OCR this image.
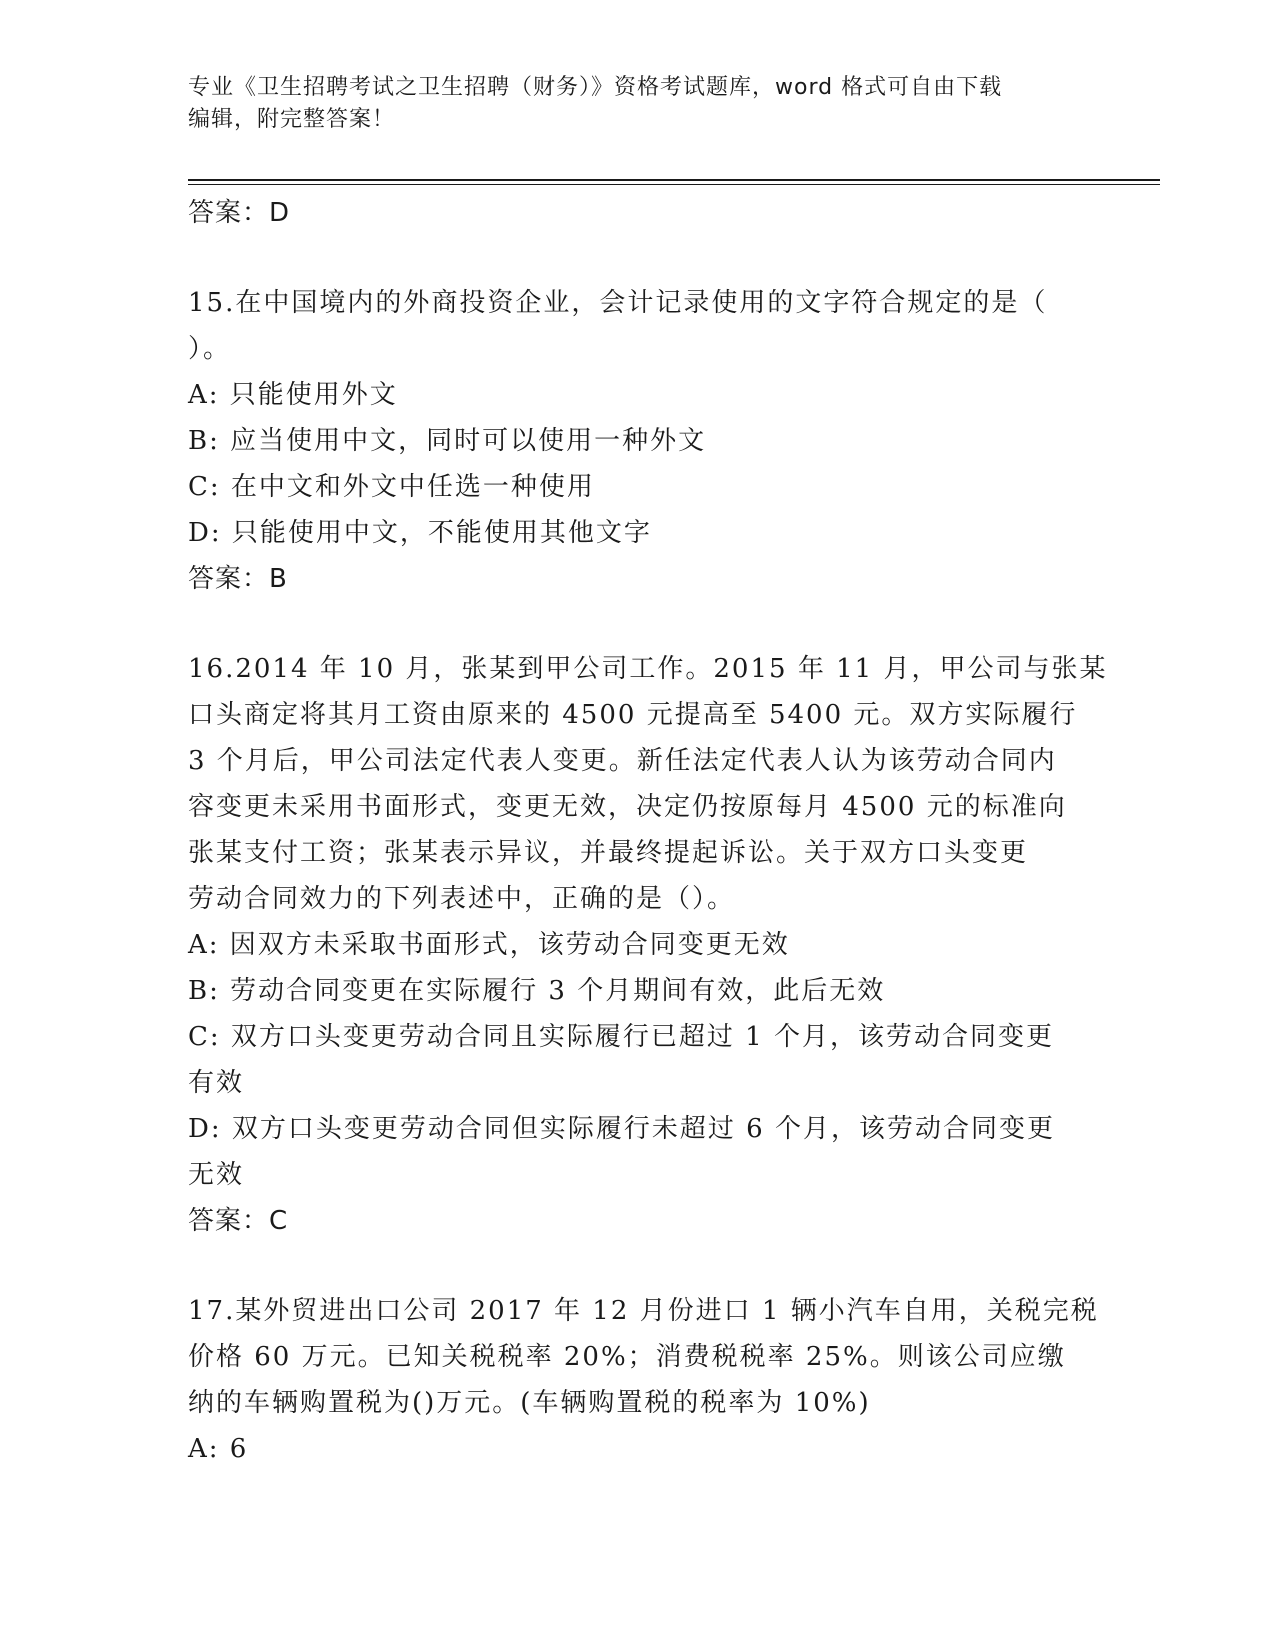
专业《卫生招聘考试之卫生招聘（财务）》资格考试题库，word 格式可自由下载
编辑，附完整答案！
答案：D
15.在中国境内的外商投资企业，会计记录使用的文字符合规定的是（
）。
A: 只能使用外文
B: 应当使用中文，同时可以使用一种外文
C: 在中文和外文中任选一种使用
D: 只能使用中文，不能使用其他文字
答案：B
16.2014 年 10 月，张某到甲公司工作。2015 年 11 月，甲公司与张某
口头商定将其月工资由原来的 4500 元提高至 5400 元。双方实际履行
3 个月后，甲公司法定代表人变更。新任法定代表人认为该劳动合同内
容变更未采用书面形式，变更无效，决定仍按原每月 4500 元的标准向
张某支付工资；张某表示异议，并最终提起诉讼。关于双方口头变更
劳动合同效力的下列表述中，正确的是（）。
A: 因双方未采取书面形式，该劳动合同变更无效
B: 劳动合同变更在实际履行 3 个月期间有效，此后无效
C: 双方口头变更劳动合同且实际履行已超过 1 个月，该劳动合同变更
有效
D: 双方口头变更劳动合同但实际履行未超过 6 个月，该劳动合同变更
无效
答案：C
17.某外贸进出口公司 2017 年 12 月份进口 1 辆小汽车自用，关税完税
价格 60 万元。已知关税税率 20%；消费税税率 25%。则该公司应缴
纳的车辆购置税为()万元。(车辆购置税的税率为 10%)
A: 6
